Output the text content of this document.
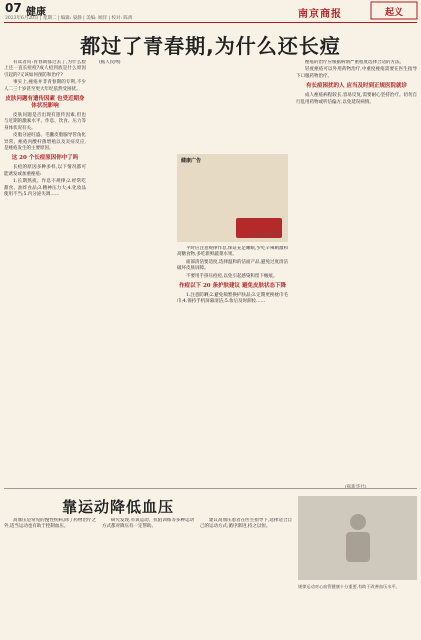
07 健康
2023年6月20日 | 星期二 | 编辑: 晏静 | 美编: 顾洋 | 校对: 陈禹	南京商报	起义
都过了青春期,为什么还长痘

有读者问:青春期都过去了,为什么脸上还一直长痘痘?成人痘到底是什么原因引起的?又该如何预防和治疗?

事实上,痤疮并非青春期的专利,不少人二三十岁甚至更大年纪依然受困扰。

皮肤问题有遗传因素 也受近期身体状况影响

皮肤问题是否出现有遗传因素,但也与近期的激素水平、作息、饮食、压力等身体状况有关。

皮脂分泌旺盛、毛囊皮脂腺导管角化异常、痤疮丙酸杆菌增殖以及炎症反应,是痤疮发生的主要原因。

这 20 个长痘原因你中了吗

长痘的原因多种多样,以下情况都可能诱发或加重痤疮:

1.长期熬夜、作息不规律;2.经常吃甜食、油炸食品;3.精神压力大;4.化妆品使用不当;5.内分泌失调……

(据人民网)

健康广告
(图片来源于网络)

平时应注意规律作息,保证充足睡眠,少吃辛辣刺激和高糖食物,多吃新鲜蔬菜水果。

面部清洁要适度,选择温和的洁面产品,避免过度清洁破坏皮肤屏障。

不要用手挤压痘痘,以免引起感染和留下瘢痕。

作痘以下 20 条护肤建议 避免皮肤状态下降

1.注意防晒;2.避免频繁换护肤品;3.定期更换枕巾毛巾;4.保持手机屏幕清洁;5.妆后及时卸妆……

痤疮的治疗应根据病情严重程度选择合适的方法。

轻度痤疮可以外用药物治疗,中重度痤疮需要在医生指导下口服药物治疗。

有长痘困扰的人 应当及时到正规医院就诊

成人痤疮病程较长,容易反复,需要耐心坚持治疗。切勿自行乱用药物或听信偏方,以免延误病情。

靠运动降低血压

高血压是常见的慢性疾病,除了药物治疗之外,适当运动也有助于控制血压。

研究发现,有氧运动、抗阻训练等多种运动方式都对降压有一定帮助。

建议高血压患者在医生指导下,选择适合自己的运动方式,循序渐进,持之以恒。

规律运动对心血管健康十分重要,有助于改善血压水平。
